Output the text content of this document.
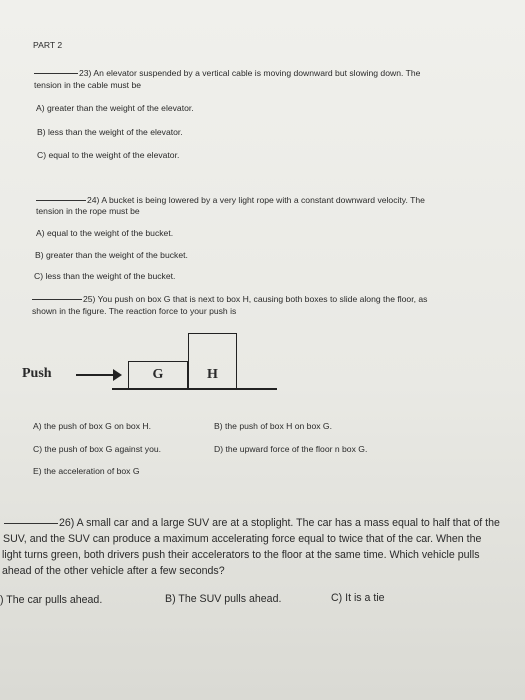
PART 2
23) An elevator suspended by a vertical cable is moving downward but slowing down. The
tension in the cable must be
A) greater than the weight of the elevator.
B) less than the weight of the elevator.
C) equal to the weight of the elevator.
24) A bucket is being lowered by a very light rope with a constant downward velocity. The
tension in the rope must be
A) equal to the weight of the bucket.
B) greater than the weight of the bucket.
C) less than the weight of the bucket.
25) You push on box G that is next to box H, causing both boxes to slide along the floor, as
shown in the figure. The reaction force to your push is
Push	G	H
A) the push of box G on box H.	B) the push of box H on box G.
C) the push of box G against you.	D) the upward force of the floor n box G.
E) the acceleration of box G
26) A small car and a large SUV are at a stoplight. The car has a mass equal to half that of the
SUV, and the SUV can produce a maximum accelerating force equal to twice that of the car. When the
light turns green, both drivers push their accelerators to the floor at the same time. Which vehicle pulls
ahead of the other vehicle after a few seconds?
) The car pulls ahead.	B) The SUV pulls ahead.	C) It is a tie
